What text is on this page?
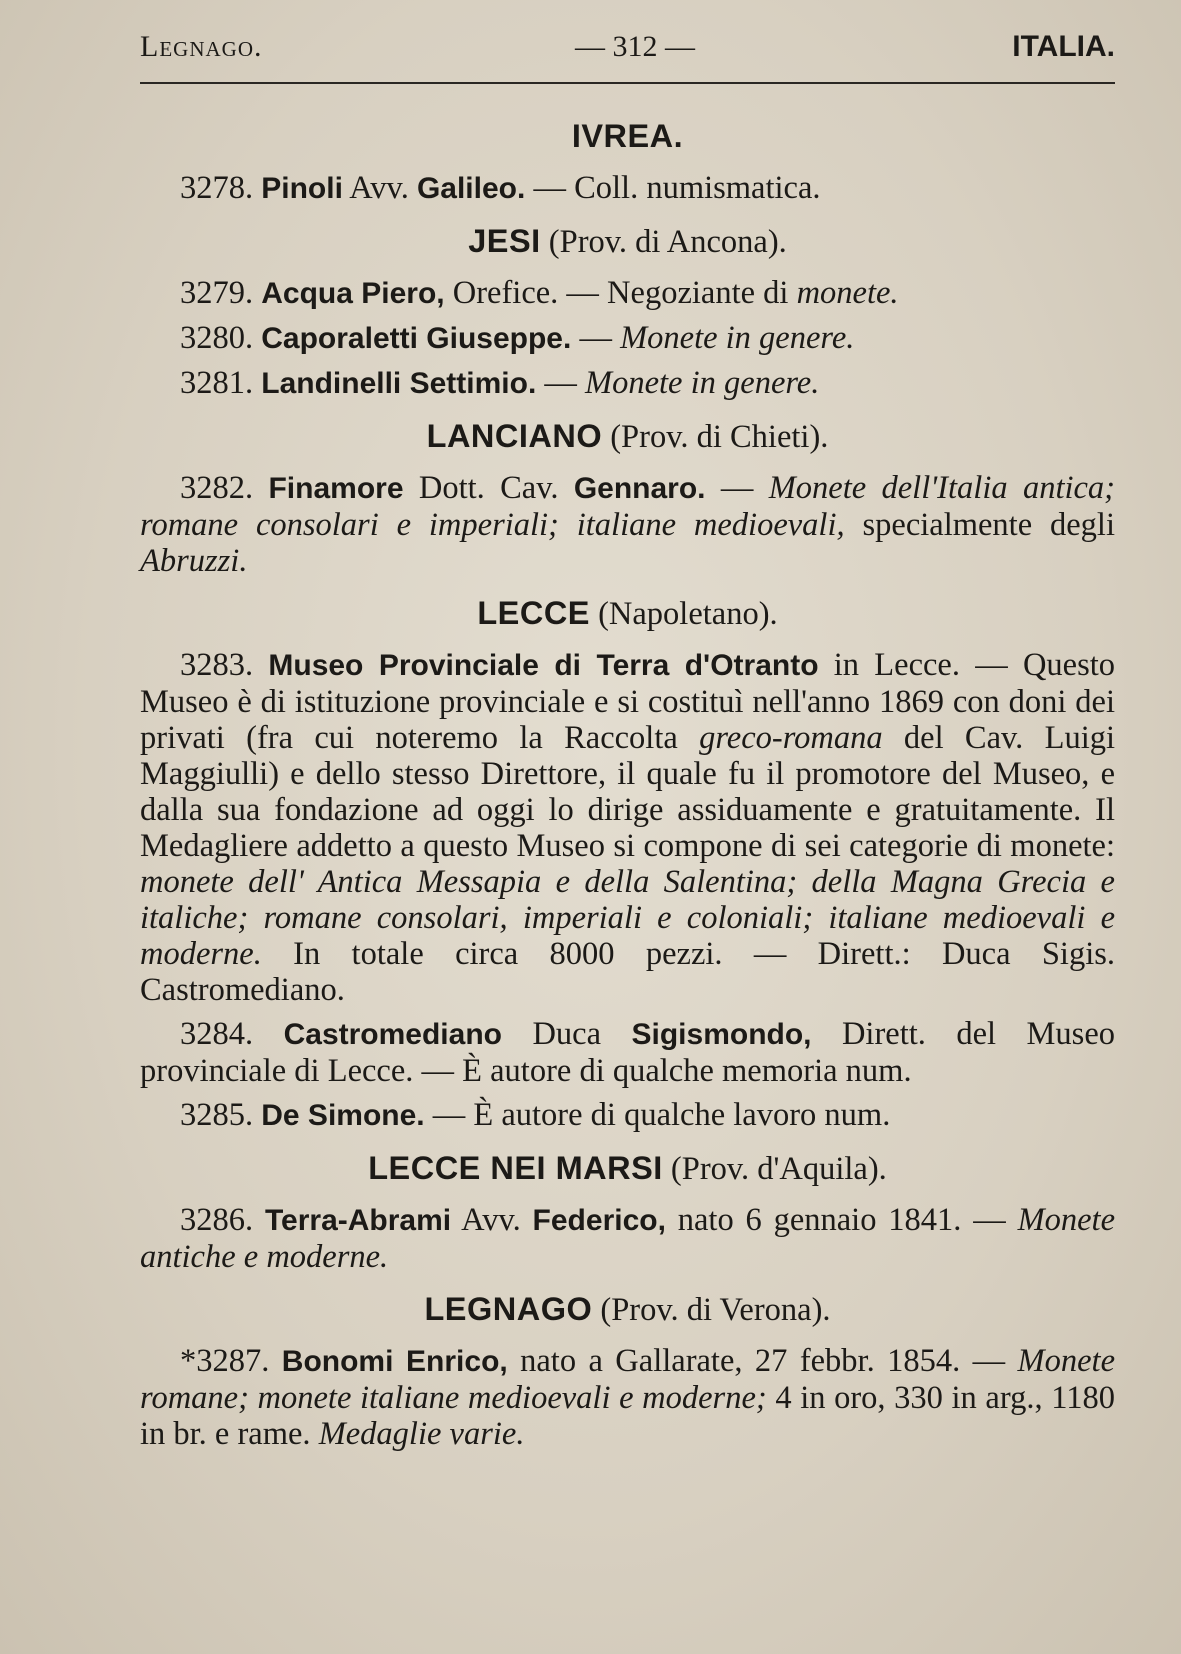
Legnago.	— 312 —	ITALIA.
IVREA.
3278. Pinoli Avv. Galileo. — Coll. numismatica.
JESI (Prov. di Ancona).
3279. Acqua Piero, Orefice. — Negoziante di monete.
3280. Caporaletti Giuseppe. — Monete in genere.
3281. Landinelli Settimio. — Monete in genere.
LANCIANO (Prov. di Chieti).
3282. Finamore Dott. Cav. Gennaro. — Monete dell'Italia antica; romane consolari e imperiali; italiane medioevali, specialmente degli Abruzzi.
LECCE (Napoletano).
3283. Museo Provinciale di Terra d'Otranto in Lecce. — Questo Museo è di istituzione provinciale e si costituì nell'anno 1869 con doni dei privati (fra cui noteremo la Raccolta greco-romana del Cav. Luigi Maggiulli) e dello stesso Direttore, il quale fu il promotore del Museo, e dalla sua fondazione ad oggi lo dirige assiduamente e gratuitamente. Il Medagliere addetto a questo Museo si compone di sei categorie di monete: monete dell' Antica Messapia e della Salentina; della Magna Grecia e italiche; romane consolari, imperiali e coloniali; italiane medioevali e moderne. In totale circa 8000 pezzi. — Dirett.: Duca Sigis. Castromediano.
3284. Castromediano Duca Sigismondo, Dirett. del Museo provinciale di Lecce. — È autore di qualche memoria num.
3285. De Simone. — È autore di qualche lavoro num.
LECCE NEI MARSI (Prov. d'Aquila).
3286. Terra-Abrami Avv. Federico, nato 6 gennaio 1841. — Monete antiche e moderne.
LEGNAGO (Prov. di Verona).
*3287. Bonomi Enrico, nato a Gallarate, 27 febbr. 1854. — Monete romane; monete italiane medioevali e moderne; 4 in oro, 330 in arg., 1180 in br. e rame. Medaglie varie.
